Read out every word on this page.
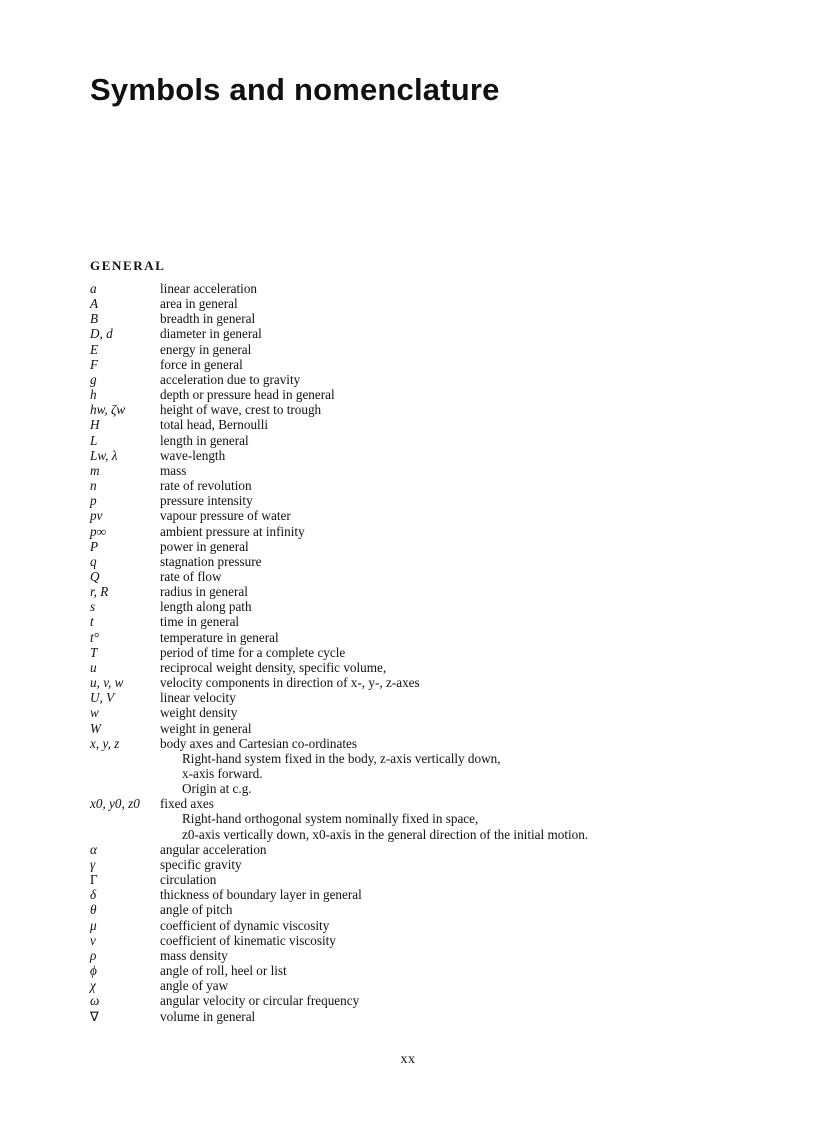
Symbols and nomenclature
GENERAL
a	linear acceleration
A	area in general
B	breadth in general
D, d	diameter in general
E	energy in general
F	force in general
g	acceleration due to gravity
h	depth or pressure head in general
hw, ζw	height of wave, crest to trough
H	total head, Bernoulli
L	length in general
Lw, λ	wave-length
m	mass
n	rate of revolution
p	pressure intensity
pv	vapour pressure of water
p∞	ambient pressure at infinity
P	power in general
q	stagnation pressure
Q	rate of flow
r, R	radius in general
s	length along path
t	time in general
t°	temperature in general
T	period of time for a complete cycle
u	reciprocal weight density, specific volume,
u, v, w	velocity components in direction of x-, y-, z-axes
U, V	linear velocity
w	weight density
W	weight in general
x, y, z	body axes and Cartesian co-ordinates
Right-hand system fixed in the body, z-axis vertically down,
x-axis forward.
Origin at c.g.
x0, y0, z0	fixed axes
Right-hand orthogonal system nominally fixed in space,
z0-axis vertically down, x0-axis in the general direction of the initial motion.
α	angular acceleration
γ	specific gravity
Γ	circulation
δ	thickness of boundary layer in general
θ	angle of pitch
μ	coefficient of dynamic viscosity
ν	coefficient of kinematic viscosity
ρ	mass density
ϕ	angle of roll, heel or list
χ	angle of yaw
ω	angular velocity or circular frequency
∇	volume in general
xx
